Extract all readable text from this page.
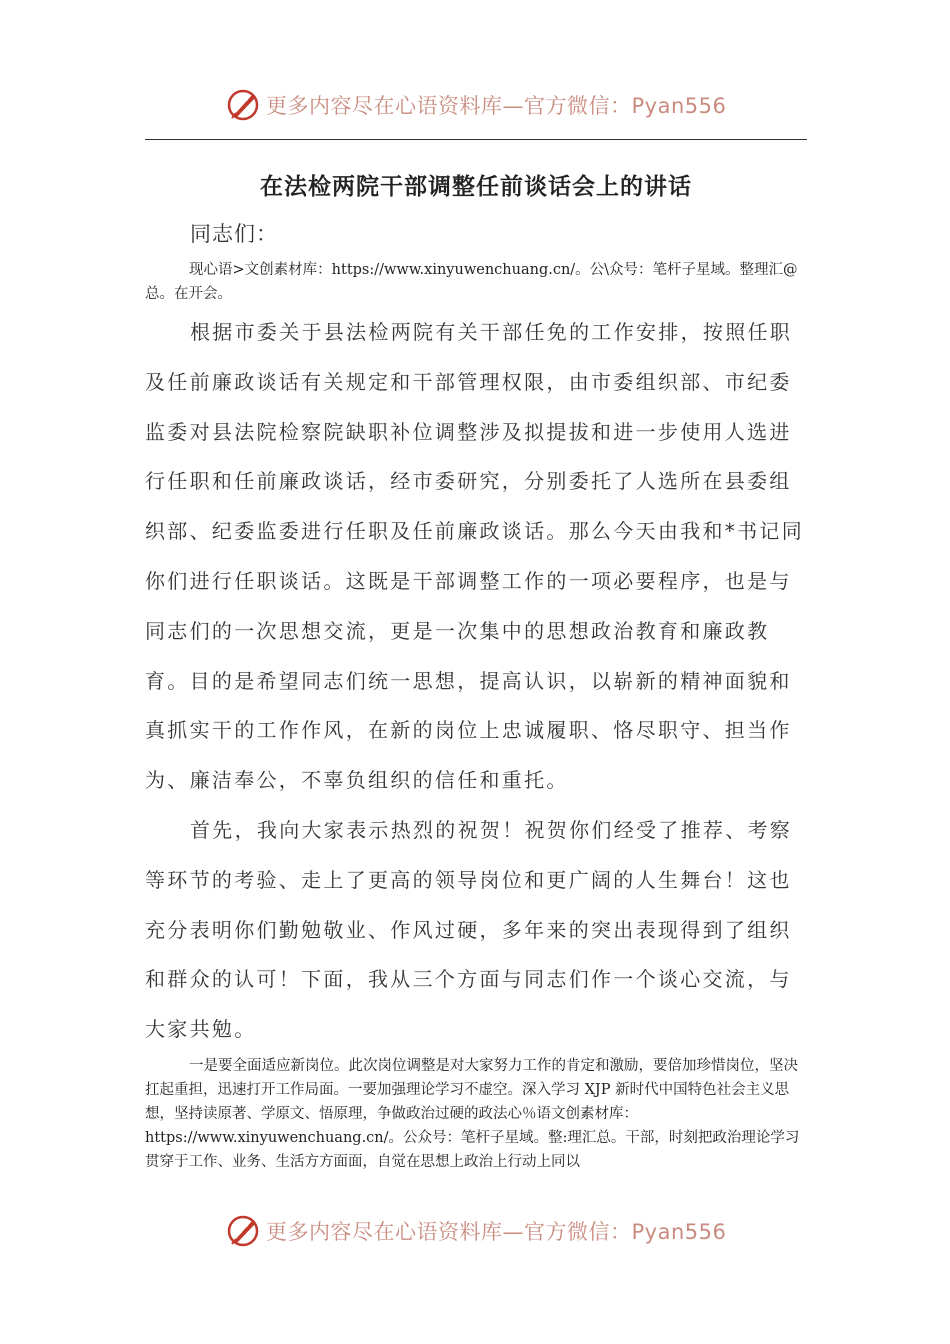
更多内容尽在心语资料库—官方微信：Pyan556
在法检两院干部调整任前谈话会上的讲话
同志们：
现心语>文创素材库：https://www.xinyuwenchuang.cn/。公\众号：笔杆子星域。整理汇@总。在开会。
根据市委关于县法检两院有关干部任免的工作安排，按照任职及任前廉政谈话有关规定和干部管理权限，由市委组织部、市纪委监委对县法院检察院缺职补位调整涉及拟提拔和进一步使用人选进行任职和任前廉政谈话，经市委研究，分别委托了人选所在县委组织部、纪委监委进行任职及任前廉政谈话。那么今天由我和*书记同你们进行任职谈话。这既是干部调整工作的一项必要程序，也是与同志们的一次思想交流，更是一次集中的思想政治教育和廉政教育。目的是希望同志们统一思想，提高认识，以崭新的精神面貌和真抓实干的工作作风，在新的岗位上忠诚履职、恪尽职守、担当作为、廉洁奉公，不辜负组织的信任和重托。
首先，我向大家表示热烈的祝贺！祝贺你们经受了推荐、考察等环节的考验、走上了更高的领导岗位和更广阔的人生舞台！这也充分表明你们勤勉敬业、作风过硬，多年来的突出表现得到了组织和群众的认可！下面，我从三个方面与同志们作一个谈心交流，与大家共勉。
一是要全面适应新岗位。此次岗位调整是对大家努力工作的肯定和激励，要倍加珍惜岗位，坚决扛起重担，迅速打开工作局面。一要加强理论学习不虚空。深入学习 XJP 新时代中国特色社会主义思想，坚持读原著、学原文、悟原理，争做政治过硬的政法心％语文创素材库：https://www.xinyuwenchuang.cn/。公众号：笔杆子星域。整:理汇总。干部，时刻把政治理论学习贯穿于工作、业务、生活方方面面，自觉在思想上政治上行动上同以
更多内容尽在心语资料库—官方微信：Pyan556
